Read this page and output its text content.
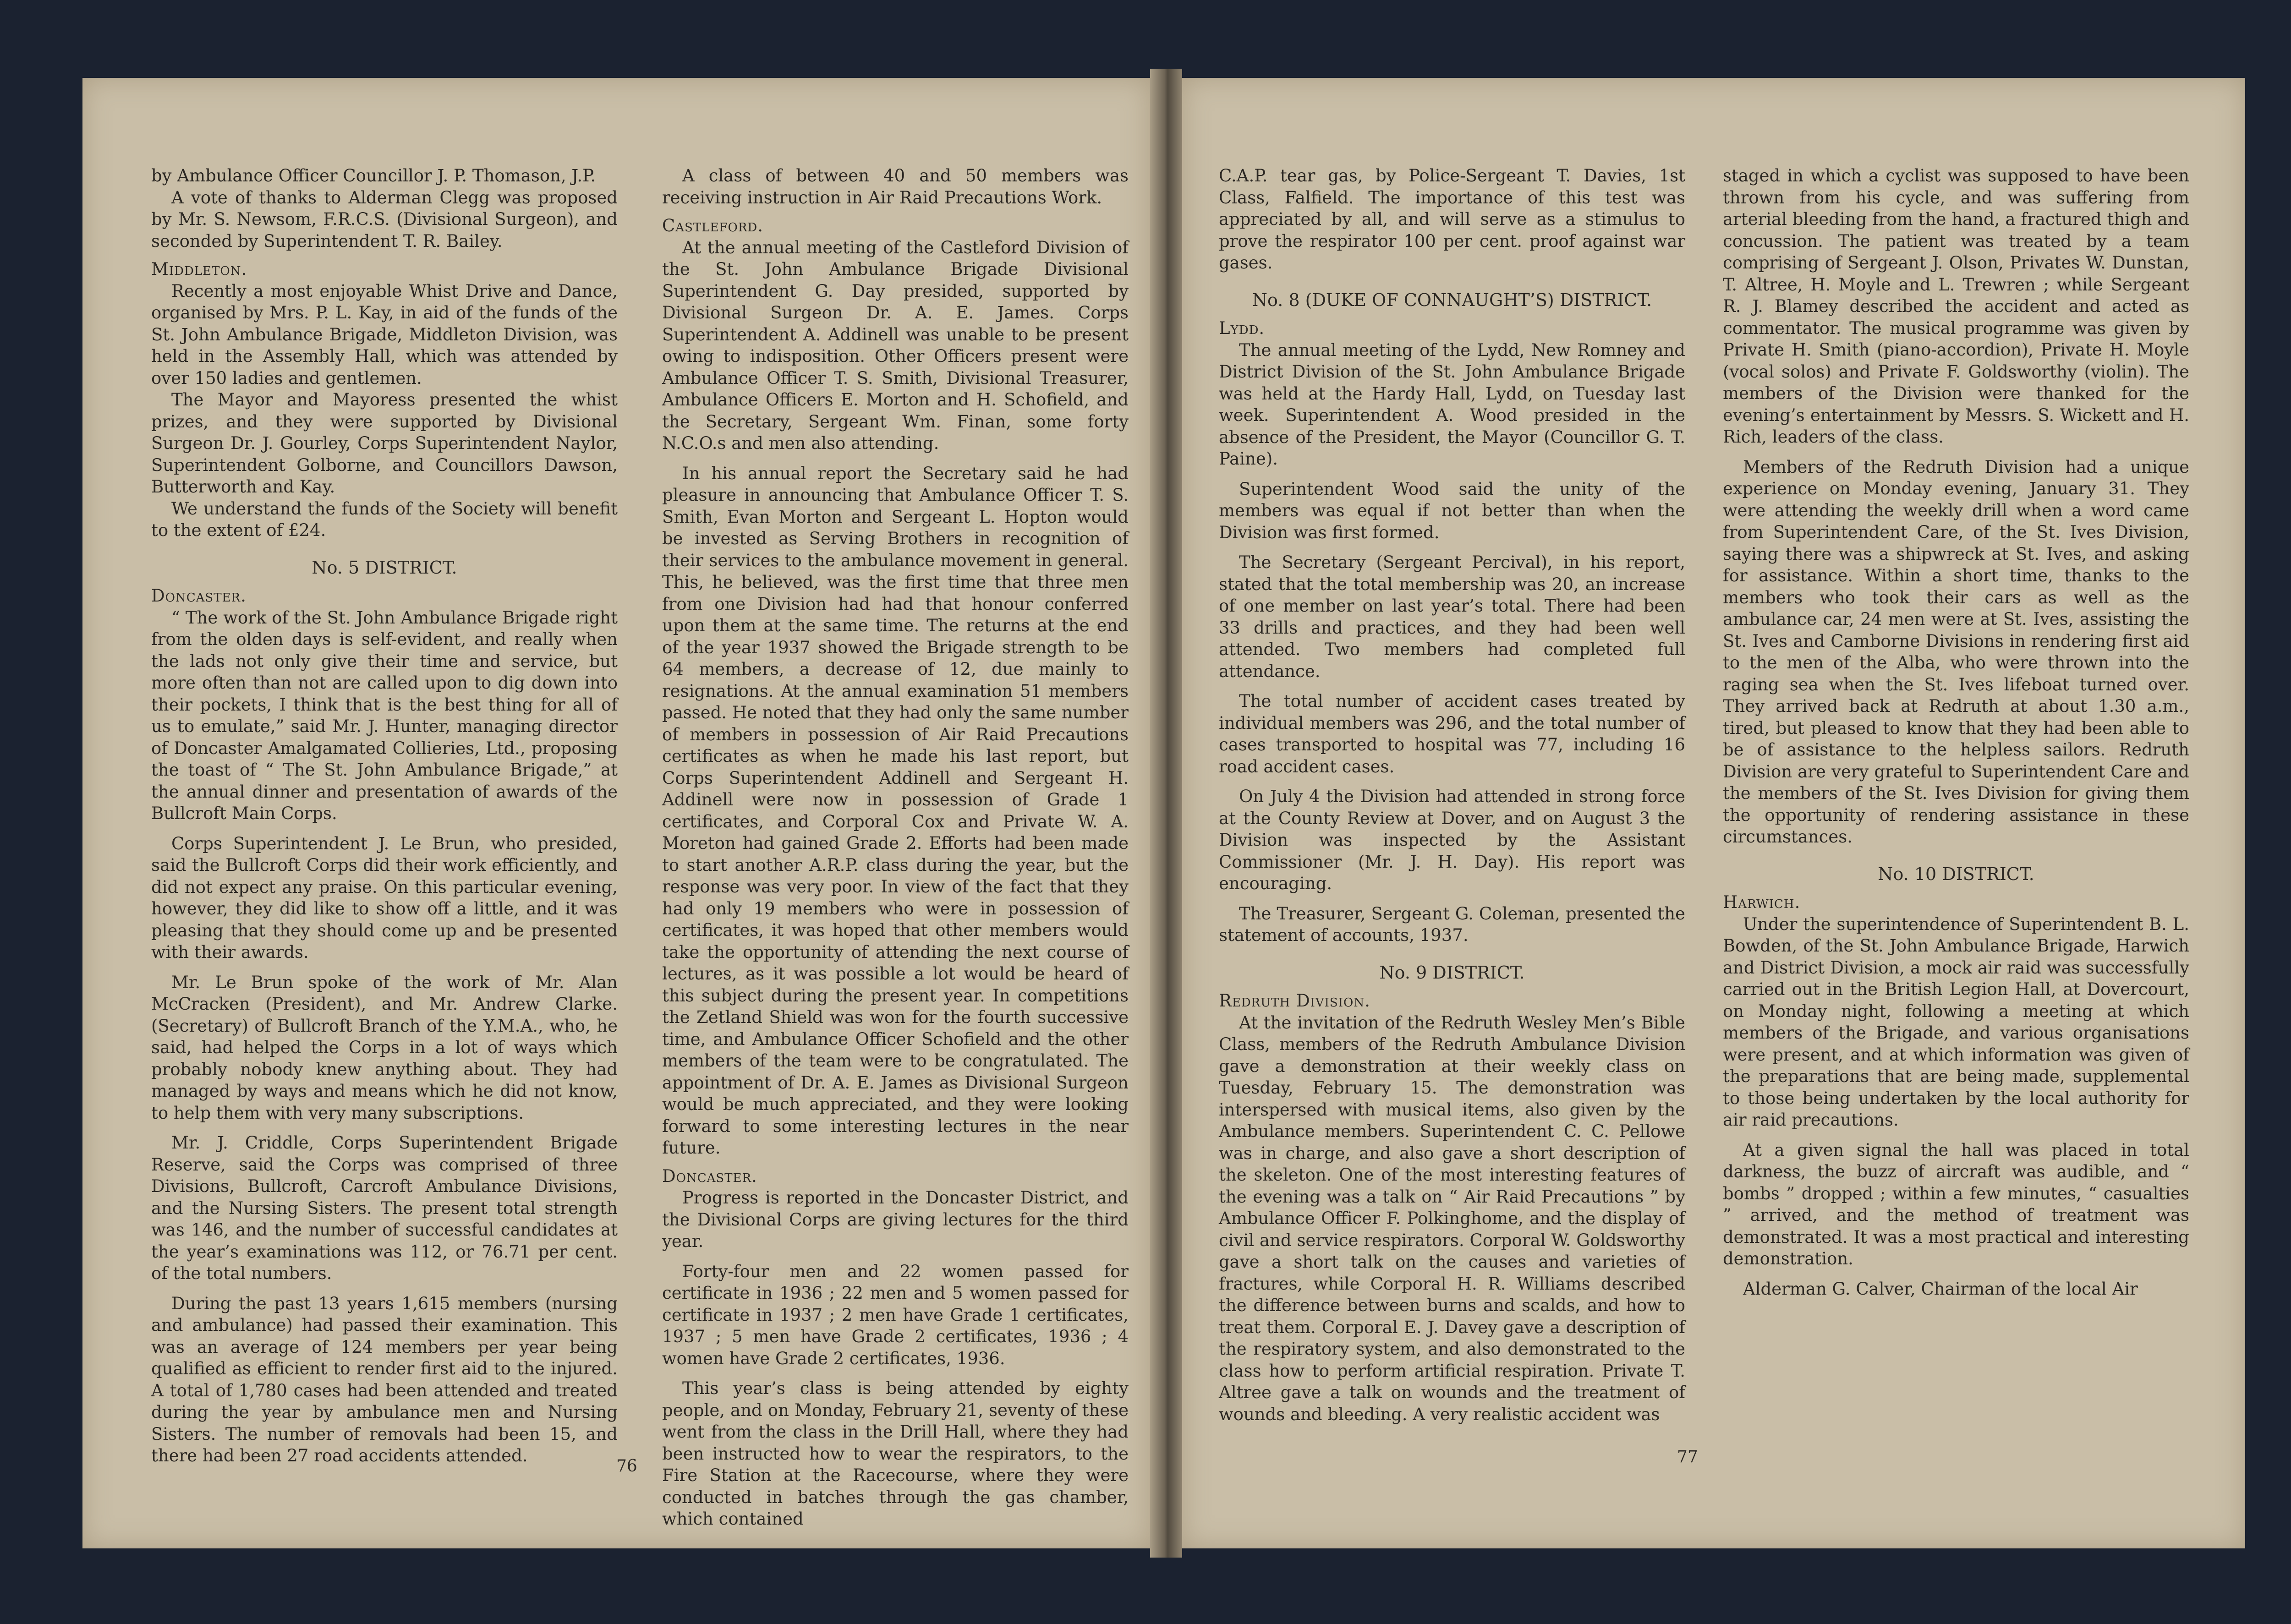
by Ambulance Officer Councillor J. P. Thomason, J.P.

A vote of thanks to Alderman Clegg was proposed by Mr. S. Newsom, F.R.C.S. (Divisional Surgeon), and seconded by Superintendent T. R. Bailey.

Middleton.

Recently a most enjoyable Whist Drive and Dance, organised by Mrs. P. L. Kay, in aid of the funds of the St. John Ambulance Brigade, Middleton Division, was held in the Assembly Hall, which was attended by over 150 ladies and gentlemen.

The Mayor and Mayoress presented the whist prizes, and they were supported by Divisional Surgeon Dr. J. Gourley, Corps Superintendent Naylor, Superintendent Golborne, and Councillors Dawson, Butterworth and Kay.

We understand the funds of the Society will benefit to the extent of £24.

No. 5 DISTRICT.

Doncaster.

“ The work of the St. John Ambulance Brigade right from the olden days is self-evident, and really when the lads not only give their time and service, but more often than not are called upon to dig down into their pockets, I think that is the best thing for all of us to emulate,” said Mr. J. Hunter, managing director of Doncaster Amalgamated Collieries, Ltd., proposing the toast of “ The St. John Ambulance Brigade,” at the annual dinner and presentation of awards of the Bullcroft Main Corps.

Corps Superintendent J. Le Brun, who presided, said the Bullcroft Corps did their work efficiently, and did not expect any praise. On this particular evening, however, they did like to show off a little, and it was pleasing that they should come up and be presented with their awards.

Mr. Le Brun spoke of the work of Mr. Alan McCracken (President), and Mr. Andrew Clarke. (Secretary) of Bullcroft Branch of the Y.M.A., who, he said, had helped the Corps in a lot of ways which probably nobody knew anything about. They had managed by ways and means which he did not know, to help them with very many subscriptions.

Mr. J. Criddle, Corps Superintendent Brigade Reserve, said the Corps was comprised of three Divisions, Bullcroft, Carcroft Ambulance Divisions, and the Nursing Sisters. The present total strength was 146, and the number of successful candidates at the year’s examinations was 112, or 76.71 per cent. of the total numbers.

During the past 13 years 1,615 members (nursing and ambulance) had passed their examination. This was an average of 124 members per year being qualified as efficient to render first aid to the injured. A total of 1,780 cases had been attended and treated during the year by ambulance men and Nursing Sisters. The number of removals had been 15, and there had been 27 road accidents attended.

A class of between 40 and 50 members was receiving instruction in Air Raid Precautions Work.

Castleford.

At the annual meeting of the Castleford Division of the St. John Ambulance Brigade Divisional Superintendent G. Day presided, supported by Divisional Surgeon Dr. A. E. James. Corps Superintendent A. Addinell was unable to be present owing to indisposition. Other Officers present were Ambulance Officer T. S. Smith, Divisional Treasurer, Ambulance Officers E. Morton and H. Schofield, and the Secretary, Sergeant Wm. Finan, some forty N.C.O.s and men also attending.

In his annual report the Secretary said he had pleasure in announcing that Ambulance Officer T. S. Smith, Evan Morton and Sergeant L. Hopton would be invested as Serving Brothers in recognition of their services to the ambulance movement in general. This, he believed, was the first time that three men from one Division had had that honour conferred upon them at the same time. The returns at the end of the year 1937 showed the Brigade strength to be 64 members, a decrease of 12, due mainly to resignations. At the annual examination 51 members passed. He noted that they had only the same number of members in possession of Air Raid Precautions certificates as when he made his last report, but Corps Superintendent Addinell and Sergeant H. Addinell were now in possession of Grade 1 certificates, and Corporal Cox and Private W. A. Moreton had gained Grade 2. Efforts had been made to start another A.R.P. class during the year, but the response was very poor. In view of the fact that they had only 19 members who were in possession of certificates, it was hoped that other members would take the opportunity of attending the next course of lectures, as it was possible a lot would be heard of this subject during the present year. In competitions the Zetland Shield was won for the fourth successive time, and Ambulance Officer Schofield and the other members of the team were to be congratulated. The appointment of Dr. A. E. James as Divisional Surgeon would be much appreciated, and they were looking forward to some interesting lectures in the near future.

Doncaster.

Progress is reported in the Doncaster District, and the Divisional Corps are giving lectures for the third year.

Forty-four men and 22 women passed for certificate in 1936 ; 22 men and 5 women passed for certificate in 1937 ; 2 men have Grade 1 certificates, 1937 ; 5 men have Grade 2 certificates, 1936 ; 4 women have Grade 2 certificates, 1936.

This year’s class is being attended by eighty people, and on Monday, February 21, seventy of these went from the class in the Drill Hall, where they had been instructed how to wear the respirators, to the Fire Station at the Racecourse, where they were conducted in batches through the gas chamber, which contained

76

C.A.P. tear gas, by Police-Sergeant T. Davies, 1st Class, Falfield. The importance of this test was appreciated by all, and will serve as a stimulus to prove the respirator 100 per cent. proof against war gases.

No. 8 (DUKE OF CONNAUGHT’S) DISTRICT.

Lydd.

The annual meeting of the Lydd, New Romney and District Division of the St. John Ambulance Brigade was held at the Hardy Hall, Lydd, on Tuesday last week. Superintendent A. Wood presided in the absence of the President, the Mayor (Councillor G. T. Paine).

Superintendent Wood said the unity of the members was equal if not better than when the Division was first formed.

The Secretary (Sergeant Percival), in his report, stated that the total membership was 20, an increase of one member on last year’s total. There had been 33 drills and practices, and they had been well attended. Two members had completed full attendance.

The total number of accident cases treated by individual members was 296, and the total number of cases transported to hospital was 77, including 16 road accident cases.

On July 4 the Division had attended in strong force at the County Review at Dover, and on August 3 the Division was inspected by the Assistant Commissioner (Mr. J. H. Day). His report was encouraging.

The Treasurer, Sergeant G. Coleman, presented the statement of accounts, 1937.

No. 9 DISTRICT.

Redruth Division.

At the invitation of the Redruth Wesley Men’s Bible Class, members of the Redruth Ambulance Division gave a demonstration at their weekly class on Tuesday, February 15. The demonstration was interspersed with musical items, also given by the Ambulance members. Superintendent C. C. Pellowe was in charge, and also gave a short description of the skeleton. One of the most interesting features of the evening was a talk on “ Air Raid Precautions ” by Ambulance Officer F. Polkinghome, and the display of civil and service respirators. Corporal W. Goldsworthy gave a short talk on the causes and varieties of fractures, while Corporal H. R. Williams described the difference between burns and scalds, and how to treat them. Corporal E. J. Davey gave a description of the respiratory system, and also demonstrated to the class how to perform artificial respiration. Private T. Altree gave a talk on wounds and the treatment of wounds and bleeding. A very realistic accident was

staged in which a cyclist was supposed to have been thrown from his cycle, and was suffering from arterial bleeding from the hand, a fractured thigh and concussion. The patient was treated by a team comprising of Sergeant J. Olson, Privates W. Dunstan, T. Altree, H. Moyle and L. Trewren ; while Sergeant R. J. Blamey described the accident and acted as commentator. The musical programme was given by Private H. Smith (piano-accordion), Private H. Moyle (vocal solos) and Private F. Goldsworthy (violin). The members of the Division were thanked for the evening’s entertainment by Messrs. S. Wickett and H. Rich, leaders of the class.

Members of the Redruth Division had a unique experience on Monday evening, January 31. They were attending the weekly drill when a word came from Superintendent Care, of the St. Ives Division, saying there was a shipwreck at St. Ives, and asking for assistance. Within a short time, thanks to the members who took their cars as well as the ambulance car, 24 men were at St. Ives, assisting the St. Ives and Camborne Divisions in rendering first aid to the men of the Alba, who were thrown into the raging sea when the St. Ives lifeboat turned over. They arrived back at Redruth at about 1.30 a.m., tired, but pleased to know that they had been able to be of assistance to the helpless sailors. Redruth Division are very grateful to Superintendent Care and the members of the St. Ives Division for giving them the opportunity of rendering assistance in these circumstances.

No. 10 DISTRICT.

Harwich.

Under the superintendence of Superintendent B. L. Bowden, of the St. John Ambulance Brigade, Harwich and District Division, a mock air raid was successfully carried out in the British Legion Hall, at Dovercourt, on Monday night, following a meeting at which members of the Brigade, and various organisations were present, and at which information was given of the preparations that are being made, supplemental to those being undertaken by the local authority for air raid precautions.

At a given signal the hall was placed in total darkness, the buzz of aircraft was audible, and “ bombs ” dropped ; within a few minutes, “ casualties ” arrived, and the method of treatment was demonstrated. It was a most practical and interesting demonstration.

Alderman G. Calver, Chairman of the local Air

77
